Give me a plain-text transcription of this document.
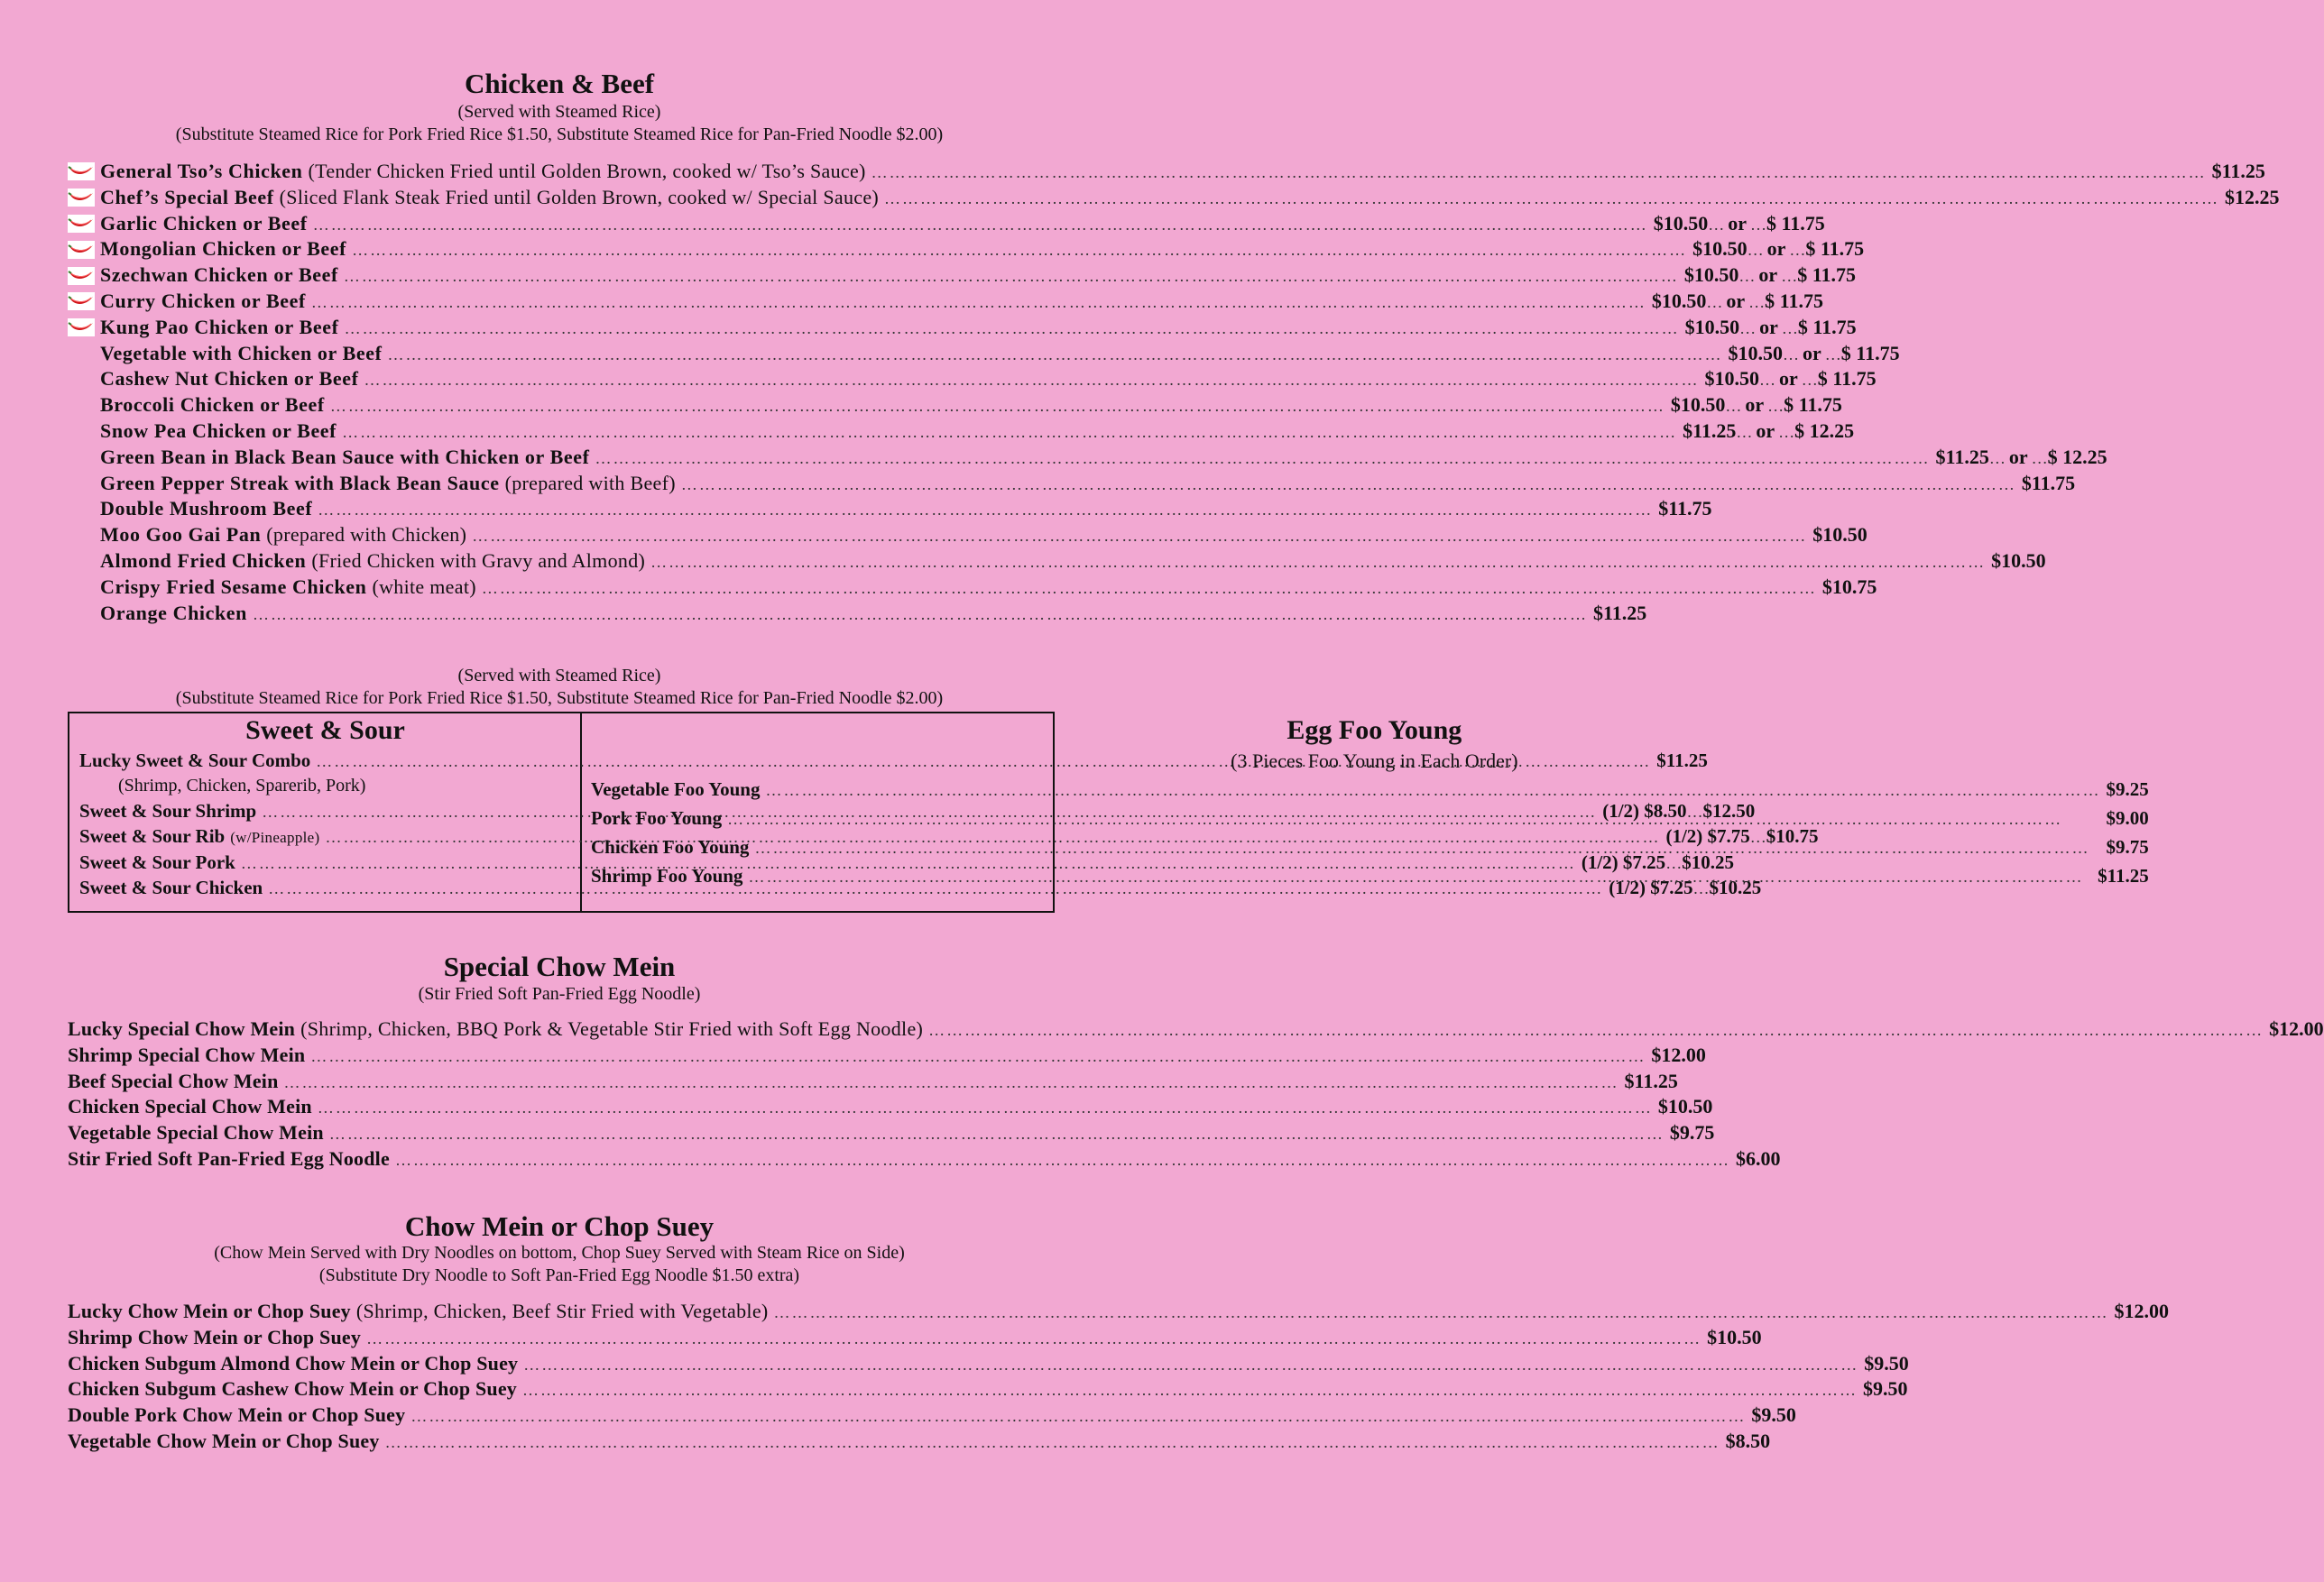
Chicken & Beef
(Served with Steamed Rice)
(Substitute Steamed Rice for Pork Fried Rice $1.50, Substitute Steamed Rice for Pan-Fried Noodle $2.00)
General Tso’s Chicken (Tender Chicken Fried until Golden Brown, cooked w/ Tso’s Sauce) ……………………………………………………………………………………………………………………………………………………………………………………………………	$11.25
Chef’s Special Beef (Sliced Flank Steak Fried until Golden Brown, cooked w/ Special Sauce) ……………………………………………………………………………………………………………………………………………………………………………………………………	$12.25
Garlic Chicken or Beef ……………………………………………………………………………………………………………………………………………………………………………………………………	$10.50 … or … $ 11.75
Mongolian Chicken or Beef ……………………………………………………………………………………………………………………………………………………………………………………………………	$10.50 … or … $ 11.75
Szechwan Chicken or Beef ……………………………………………………………………………………………………………………………………………………………………………………………………	$10.50 … or … $ 11.75
Curry Chicken or Beef ……………………………………………………………………………………………………………………………………………………………………………………………………	$10.50 … or … $ 11.75
Kung Pao Chicken or Beef ……………………………………………………………………………………………………………………………………………………………………………………………………	$10.50 … or … $ 11.75
Vegetable with Chicken or Beef ……………………………………………………………………………………………………………………………………………………………………………………………………	$10.50 … or … $ 11.75
Cashew Nut Chicken or Beef ……………………………………………………………………………………………………………………………………………………………………………………………………	$10.50 … or … $ 11.75
Broccoli Chicken or Beef ……………………………………………………………………………………………………………………………………………………………………………………………………	$10.50 … or … $ 11.75
Snow Pea Chicken or Beef ……………………………………………………………………………………………………………………………………………………………………………………………………	$11.25 … or … $ 12.25
Green Bean in Black Bean Sauce with Chicken or Beef ……………………………………………………………………………………………………………………………………………………………………………………………………	$11.25 … or … $ 12.25
Green Pepper Streak with Black Bean Sauce (prepared with Beef) ……………………………………………………………………………………………………………………………………………………………………………………………………	$11.75
Double Mushroom Beef ……………………………………………………………………………………………………………………………………………………………………………………………………	$11.75
Moo Goo Gai Pan (prepared with Chicken) ……………………………………………………………………………………………………………………………………………………………………………………………………	$10.50
Almond Fried Chicken (Fried Chicken with Gravy and Almond) ……………………………………………………………………………………………………………………………………………………………………………………………………	$10.50
Crispy Fried Sesame Chicken (white meat) ……………………………………………………………………………………………………………………………………………………………………………………………………	$10.75
Orange Chicken ……………………………………………………………………………………………………………………………………………………………………………………………………	$11.25
(Served with Steamed Rice)
(Substitute Steamed Rice for Pork Fried Rice $1.50, Substitute Steamed Rice for Pan-Fried Noodle $2.00)
Sweet & Sour
Lucky Sweet & Sour Combo ……………………………………………………………………………………………………………………………………………………………………………………………………	$11.25
(Shrimp, Chicken, Sparerib, Pork)
Sweet & Sour Shrimp ……………………………………………………………………………………………………………………………………………………………………………………………………	(1/2) $8.50 … $12.50
Sweet & Sour Rib (w/Pineapple) ……………………………………………………………………………………………………………………………………………………………………………………………………	(1/2) $7.75 … $10.75
Sweet & Sour Pork ……………………………………………………………………………………………………………………………………………………………………………………………………	(1/2) $7.25 … $10.25
Sweet & Sour Chicken ……………………………………………………………………………………………………………………………………………………………………………………………………	(1/2) $7.25 … $10.25
Egg Foo Young
(3 Pieces Foo Young in Each Order)
Vegetable Foo Young ……………………………………………………………………………………………………………………………………………………………………………………………………	$9.25
Pork Foo Young ……………………………………………………………………………………………………………………………………………………………………………………………………	$9.00
Chicken Foo Young ……………………………………………………………………………………………………………………………………………………………………………………………………	$9.75
Shrimp Foo Young ……………………………………………………………………………………………………………………………………………………………………………………………………	$11.25
Special Chow Mein
(Stir Fried Soft Pan-Fried Egg Noodle)
Lucky Special Chow Mein (Shrimp, Chicken, BBQ Pork & Vegetable Stir Fried with Soft Egg Noodle) ……………………………………………………………………………………………………………………………………………………………………………………………………	$12.00
Shrimp Special Chow Mein ……………………………………………………………………………………………………………………………………………………………………………………………………	$12.00
Beef Special Chow Mein ……………………………………………………………………………………………………………………………………………………………………………………………………	$11.25
Chicken Special Chow Mein ……………………………………………………………………………………………………………………………………………………………………………………………………	$10.50
Vegetable Special Chow Mein ……………………………………………………………………………………………………………………………………………………………………………………………………	$9.75
Stir Fried Soft Pan-Fried Egg Noodle ……………………………………………………………………………………………………………………………………………………………………………………………………	$6.00
Chow Mein or Chop Suey
(Chow Mein Served with Dry Noodles on bottom, Chop Suey Served with Steam Rice on Side)
(Substitute Dry Noodle to Soft Pan-Fried Egg Noodle $1.50 extra)
Lucky Chow Mein or Chop Suey (Shrimp, Chicken, Beef Stir Fried with Vegetable) ……………………………………………………………………………………………………………………………………………………………………………………………………	$12.00
Shrimp Chow Mein or Chop Suey ……………………………………………………………………………………………………………………………………………………………………………………………………	$10.50
Chicken Subgum Almond Chow Mein or Chop Suey ……………………………………………………………………………………………………………………………………………………………………………………………………	$9.50
Chicken Subgum Cashew Chow Mein or Chop Suey ……………………………………………………………………………………………………………………………………………………………………………………………………	$9.50
Double Pork Chow Mein or Chop Suey ……………………………………………………………………………………………………………………………………………………………………………………………………	$9.50
Vegetable Chow Mein or Chop Suey ……………………………………………………………………………………………………………………………………………………………………………………………………	$8.50
